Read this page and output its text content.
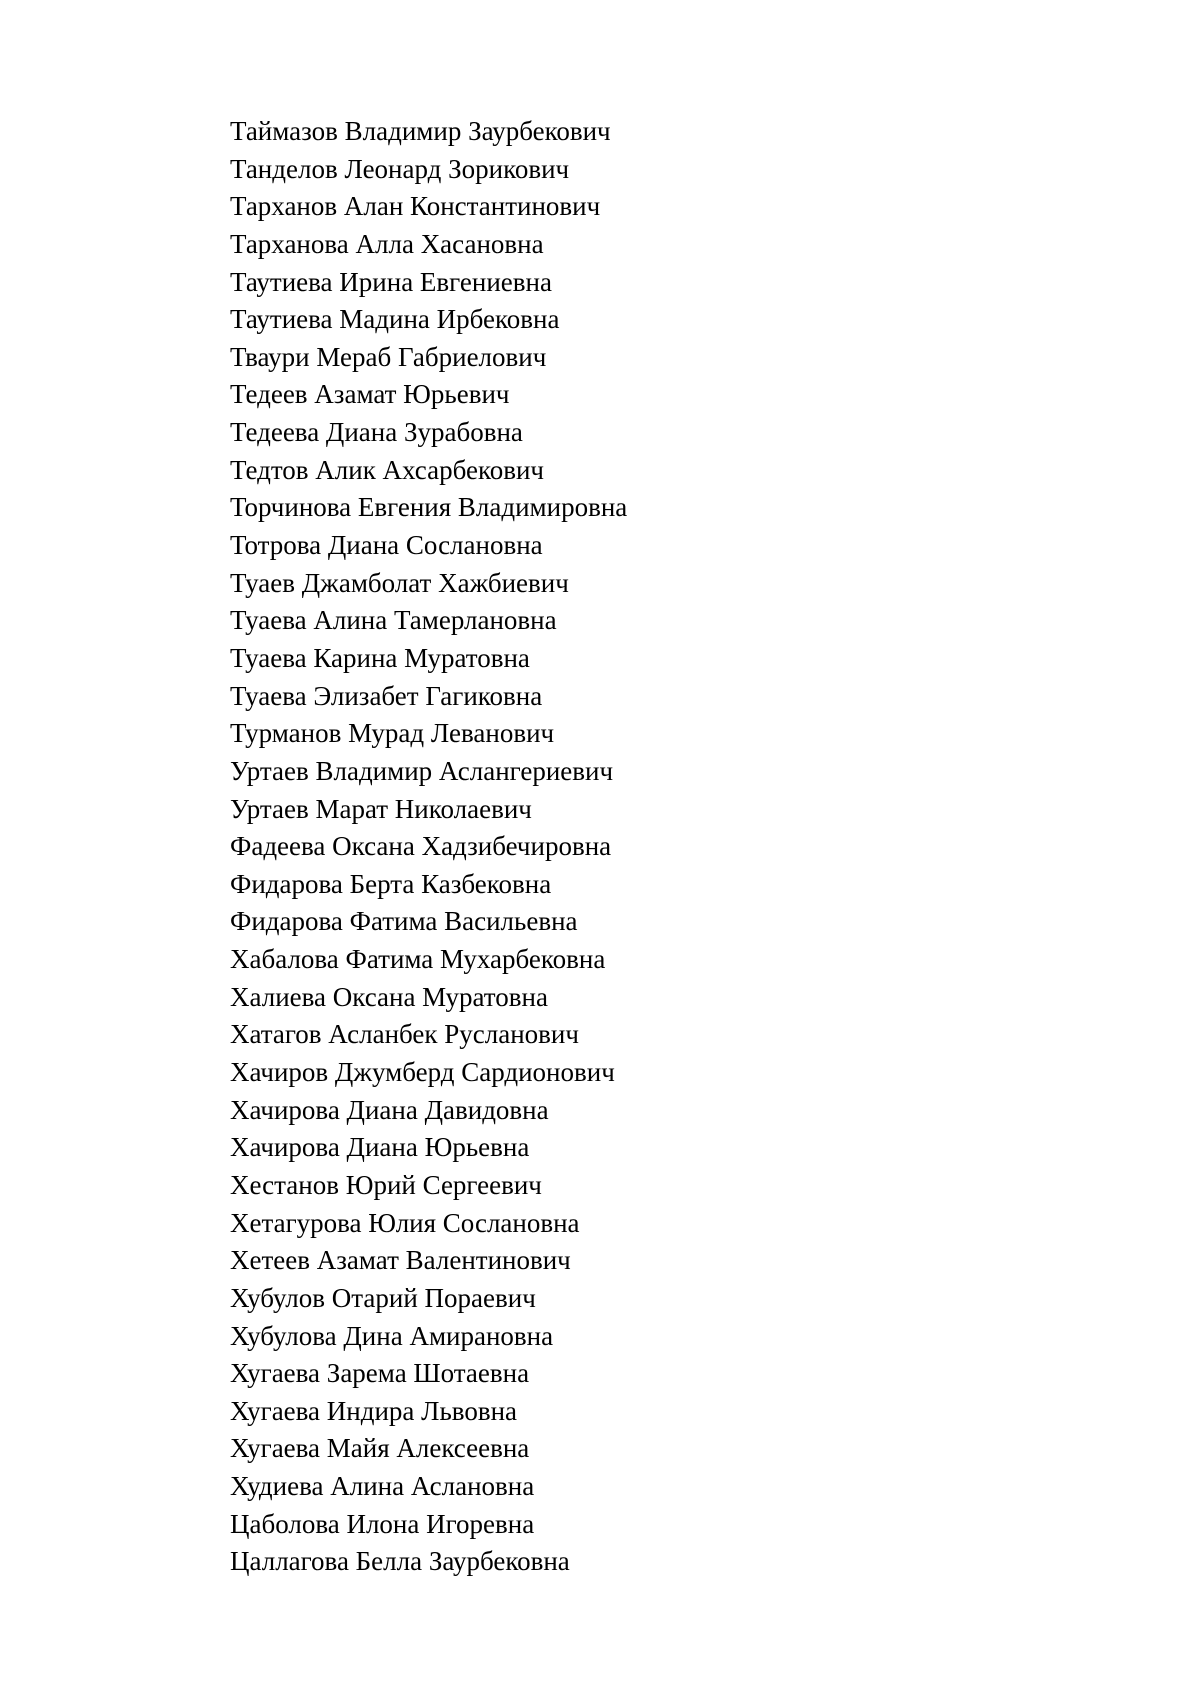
Таймазов Владимир Заурбекович
Танделов Леонард Зорикович
Тарханов Алан Константинович
Тарханова Алла Хасановна
Таутиева Ирина Евгениевна
Таутиева Мадина Ирбековна
Тваури Мераб Габриелович
Тедеев Азамат Юрьевич
Тедеева Диана Зурабовна
Тедтов Алик Ахсарбекович
Торчинова Евгения Владимировна
Тотрова Диана Сослановна
Туаев Джамболат Хажбиевич
Туаева Алина Тамерлановна
Туаева Карина Муратовна
Туаева Элизабет Гагиковна
Турманов Мурад Леванович
Уртаев Владимир Аслангериевич
Уртаев Марат Николаевич
Фадеева Оксана Хадзибечировна
Фидарова Берта Казбековна
Фидарова Фатима Васильевна
Хабалова Фатима Мухарбековна
Халиева Оксана Муратовна
Хатагов Асланбек Русланович
Хачиров Джумберд Сардионович
Хачирова Диана Давидовна
Хачирова Диана Юрьевна
Хестанов Юрий Сергеевич
Хетагурова Юлия Сослановна
Хетеев Азамат Валентинович
Хубулов Отарий Пораевич
Хубулова Дина Амирановна
Хугаева Зарема Шотаевна
Хугаева Индира Львовна
Хугаева Майя Алексеевна
Худиева Алина Аслановна
Цаболова Илона Игоревна
Цаллагова Белла Заурбековна
